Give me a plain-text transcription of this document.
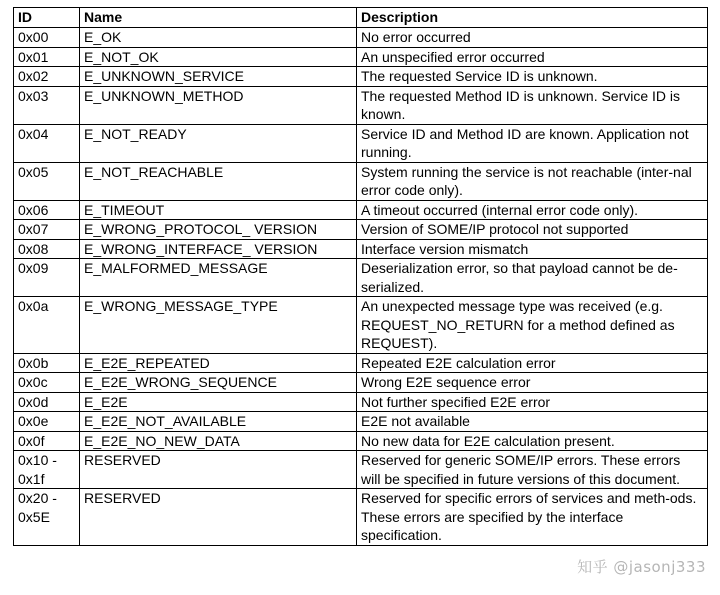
ID	Name	Description
0x00	E_OK	No error occurred
0x01	E_NOT_OK	An unspecified error occurred
0x02	E_UNKNOWN_SERVICE	The requested Service ID is unknown.
0x03	E_UNKNOWN_METHOD	The requested Method ID is unknown. Service ID is known.
0x04	E_NOT_READY	Service ID and Method ID are known. Application not running.
0x05	E_NOT_REACHABLE	System running the service is not reachable (inter-nal error code only).
0x06	E_TIMEOUT	A timeout occurred (internal error code only).
0x07	E_WRONG_PROTOCOL_ VERSION	Version of SOME/IP protocol not supported
0x08	E_WRONG_INTERFACE_ VERSION	Interface version mismatch
0x09	E_MALFORMED_MESSAGE	Deserialization error, so that payload cannot be de-serialized.
0x0a	E_WRONG_MESSAGE_TYPE	An unexpected message type was received (e.g. REQUEST_NO_RETURN for a method defined as REQUEST).
0x0b	E_E2E_REPEATED	Repeated E2E calculation error
0x0c	E_E2E_WRONG_SEQUENCE	Wrong E2E sequence error
0x0d	E_E2E	Not further specified E2E error
0x0e	E_E2E_NOT_AVAILABLE	E2E not available
0x0f	E_E2E_NO_NEW_DATA	No new data for E2E calculation present.
0x10 - 0x1f	RESERVED	Reserved for generic SOME/IP errors. These errors will be specified in future versions of this document.
0x20 - 0x5E	RESERVED	Reserved for specific errors of services and meth-ods. These errors are specified by the interface specification.
知乎 @jasonj333
